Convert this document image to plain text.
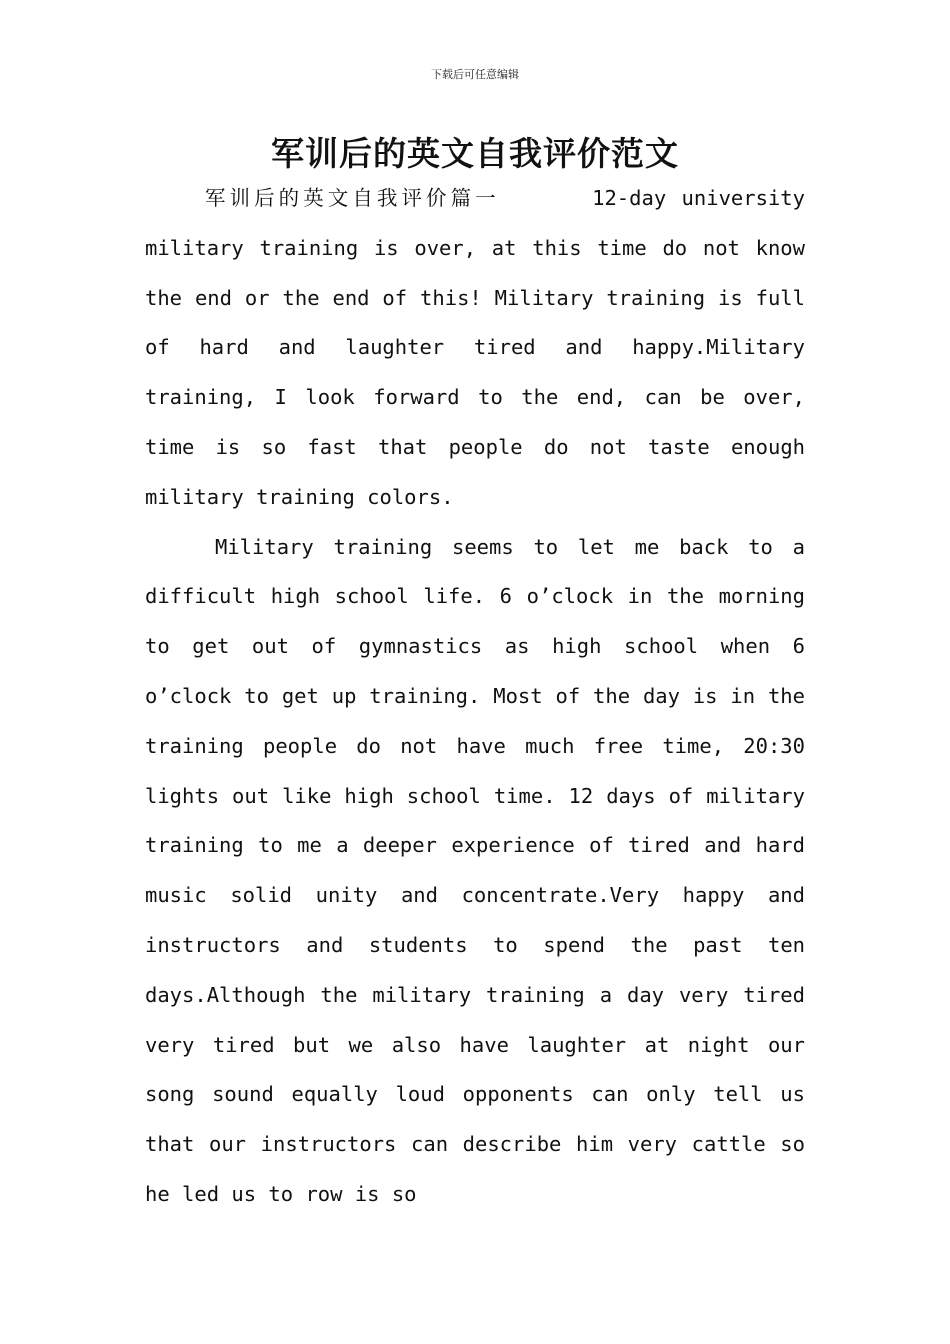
下载后可任意编辑
军训后的英文自我评价范文

军训后的英文自我评价篇一	12-day university military training is over, at this time do not know the end or the end of this! Military training is full of hard and laughter tired and happy.Military training, I look forward to the end, can be over, time is so fast that people do not taste enough military training colors.

Military training seems to let me back to a difficult high school life. 6 o’clock in the morning to get out of gymnastics as high school when 6 o’clock to get up training. Most of the day is in the training people do not have much free time, 20:30 lights out like high school time. 12 days of military training to me a deeper experience of tired and hard music solid unity and concentrate.Very happy and instructors and students to spend the past ten days.Although the military training a day very tired very tired but we also have laughter at night our song sound equally loud opponents can only tell us that our instructors can describe him very cattle so he led us to row is so
